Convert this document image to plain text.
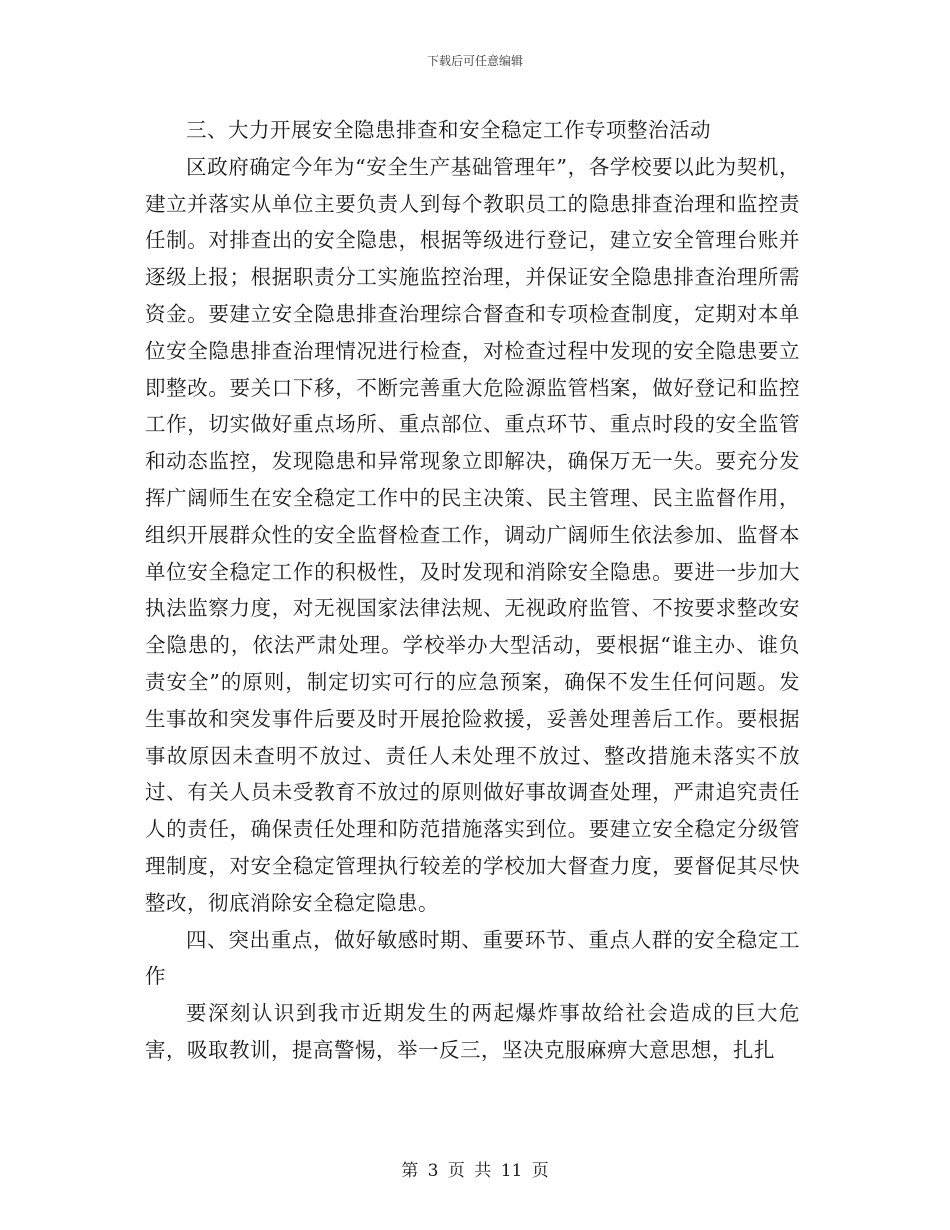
下载后可任意编辑

三、大力开展安全隐患排查和安全稳定工作专项整治活动

区政府确定今年为“安全生产基础管理年”，各学校要以此为契机，建立并落实从单位主要负责人到每个教职员工的隐患排查治理和监控责任制。对排查出的安全隐患，根据等级进行登记，建立安全管理台账并逐级上报；根据职责分工实施监控治理，并保证安全隐患排查治理所需资金。要建立安全隐患排查治理综合督查和专项检查制度，定期对本单位安全隐患排查治理情况进行检查，对检查过程中发现的安全隐患要立即整改。要关口下移，不断完善重大危险源监管档案，做好登记和监控工作，切实做好重点场所、重点部位、重点环节、重点时段的安全监管和动态监控，发现隐患和异常现象立即解决，确保万无一失。要充分发挥广阔师生在安全稳定工作中的民主决策、民主管理、民主监督作用，组织开展群众性的安全监督检查工作，调动广阔师生依法参加、监督本单位安全稳定工作的积极性，及时发现和消除安全隐患。要进一步加大执法监察力度，对无视国家法律法规、无视政府监管、不按要求整改安全隐患的，依法严肃处理。学校举办大型活动，要根据“谁主办、谁负责安全”的原则，制定切实可行的应急预案，确保不发生任何问题。发生事故和突发事件后要及时开展抢险救援，妥善处理善后工作。要根据事故原因未查明不放过、责任人未处理不放过、整改措施未落实不放过、有关人员未受教育不放过的原则做好事故调查处理，严肃追究责任人的责任，确保责任处理和防范措施落实到位。要建立安全稳定分级管理制度，对安全稳定管理执行较差的学校加大督查力度，要督促其尽快整改，彻底消除安全稳定隐患。

四、突出重点，做好敏感时期、重要环节、重点人群的安全稳定工作

要深刻认识到我市近期发生的两起爆炸事故给社会造成的巨大危害，吸取教训，提高警惕，举一反三，坚决克服麻痹大意思想，扎扎

第 3 页 共 11 页
